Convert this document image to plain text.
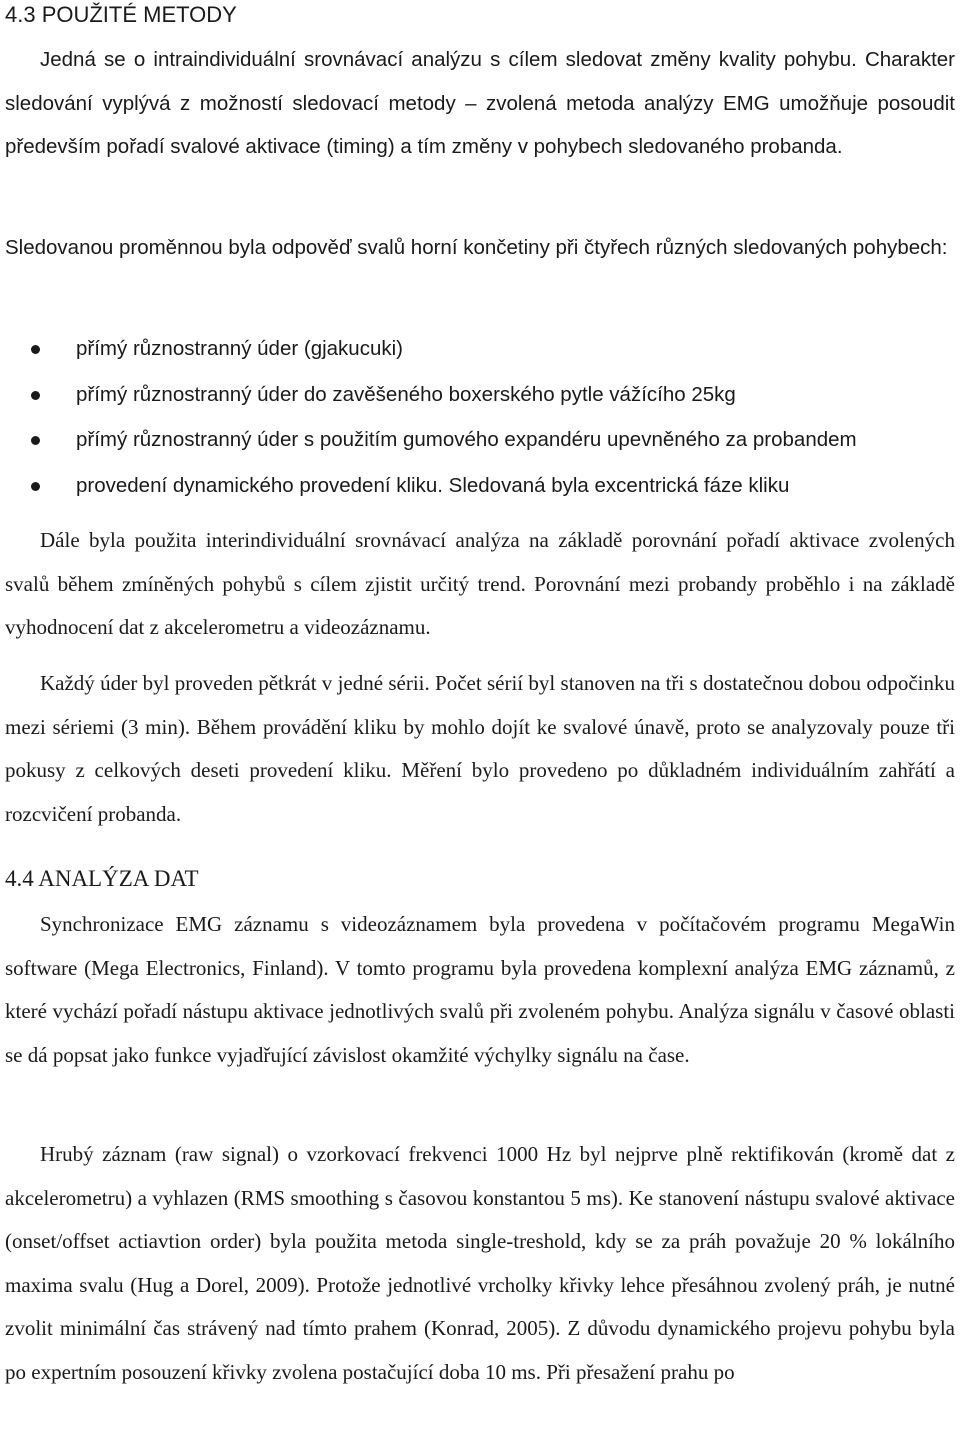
4.3 POUŽITÉ METODY

Jedná se o intraindividuální srovnávací analýzu s cílem sledovat změny kvality pohybu. Charakter sledování vyplývá z možností sledovací metody – zvolená metoda analýzy EMG umožňuje posoudit především pořadí svalové aktivace (timing) a tím změny v pohybech sledovaného probanda.

Sledovanou proměnnou byla odpověď svalů horní končetiny při čtyřech různých sledovaných pohybech:

přímý různostranný úder (gjakucuki)
přímý různostranný úder do zavěšeného boxerského pytle vážícího 25kg
přímý různostranný úder s použitím gumového expandéru upevněného za probandem
provedení dynamického provedení kliku. Sledovaná byla excentrická fáze kliku

Dále byla použita interindividuální srovnávací analýza na základě porovnání pořadí aktivace zvolených svalů během zmíněných pohybů s cílem zjistit určitý trend. Porovnání mezi probandy proběhlo i na základě vyhodnocení dat z akcelerometru a videozáznamu.

Každý úder byl proveden pětkrát v jedné sérii. Počet sérií byl stanoven na tři s dostatečnou dobou odpočinku mezi sériemi (3 min). Během provádění kliku by mohlo dojít ke svalové únavě, proto se analyzovaly pouze tři pokusy z celkových deseti provedení kliku. Měření bylo provedeno po důkladném individuálním zahřátí a rozcvičení probanda.

4.4 ANALÝZA DAT

Synchronizace EMG záznamu s videozáznamem byla provedena v počítačovém programu MegaWin software (Mega Electronics, Finland). V tomto programu byla provedena komplexní analýza EMG záznamů, z které vychází pořadí nástupu aktivace jednotlivých svalů při zvoleném pohybu. Analýza signálu v časové oblasti se dá popsat jako funkce vyjadřující závislost okamžité výchylky signálu na čase.

Hrubý záznam (raw signal) o vzorkovací frekvenci 1000 Hz byl nejprve plně rektifikován (kromě dat z akcelerometru) a vyhlazen (RMS smoothing s časovou konstantou 5 ms). Ke stanovení nástupu svalové aktivace (onset/offset actiavtion order) byla použita metoda single-treshold, kdy se za práh považuje 20 % lokálního maxima svalu (Hug a Dorel, 2009). Protože jednotlivé vrcholky křivky lehce přesáhnou zvolený práh, je nutné zvolit minimální čas strávený nad tímto prahem (Konrad, 2005). Z důvodu dynamického projevu pohybu byla po expertním posouzení křivky zvolena postačující doba 10 ms. Při přesažení prahu po
